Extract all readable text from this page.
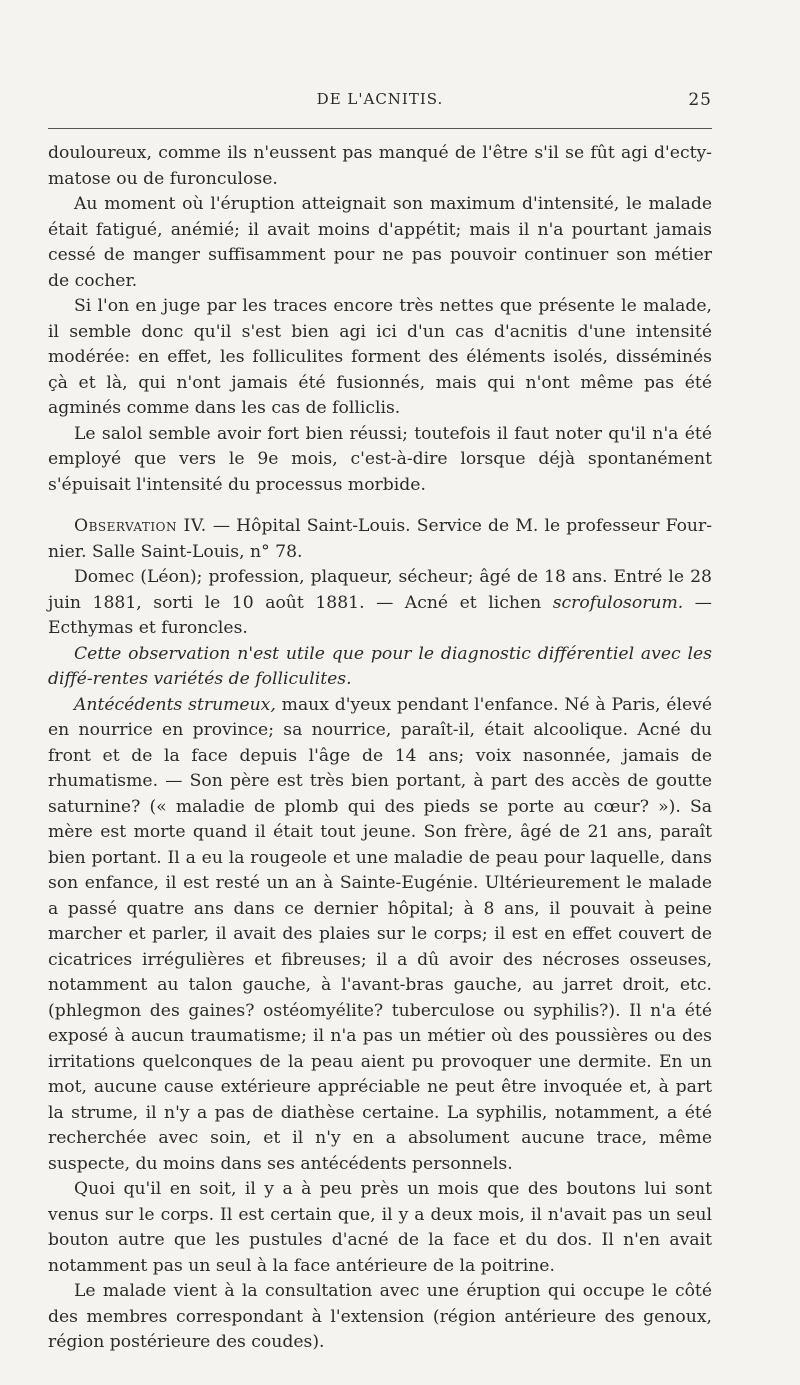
DE L'ACNITIS.	25

douloureux, comme ils n'eussent pas manqué de l'être s'il se fût agi d'ecty-matose ou de furonculose.

Au moment où l'éruption atteignait son maximum d'intensité, le malade était fatigué, anémié; il avait moins d'appétit; mais il n'a pourtant jamais cessé de manger suffisamment pour ne pas pouvoir continuer son métier de cocher.

Si l'on en juge par les traces encore très nettes que présente le malade, il semble donc qu'il s'est bien agi ici d'un cas d'acnitis d'une intensité modérée: en effet, les folliculites forment des éléments isolés, disséminés çà et là, qui n'ont jamais été fusionnés, mais qui n'ont même pas été agminés comme dans les cas de folliclis.

Le salol semble avoir fort bien réussi; toutefois il faut noter qu'il n'a été employé que vers le 9e mois, c'est-à-dire lorsque déjà spontanément s'épuisait l'intensité du processus morbide.

Observation IV. — Hôpital Saint-Louis. Service de M. le professeur Four-nier. Salle Saint-Louis, n° 78.

Domec (Léon); profession, plaqueur, sécheur; âgé de 18 ans. Entré le 28 juin 1881, sorti le 10 août 1881. — Acné et lichen scrofulosorum. — Ecthymas et furoncles.

Cette observation n'est utile que pour le diagnostic différentiel avec les diffé-rentes variétés de folliculites.

Antécédents strumeux, maux d'yeux pendant l'enfance. Né à Paris, élevé en nourrice en province; sa nourrice, paraît-il, était alcoolique. Acné du front et de la face depuis l'âge de 14 ans; voix nasonnée, jamais de rhumatisme. — Son père est très bien portant, à part des accès de goutte saturnine? (« maladie de plomb qui des pieds se porte au cœur? »). Sa mère est morte quand il était tout jeune. Son frère, âgé de 21 ans, paraît bien portant. Il a eu la rougeole et une maladie de peau pour laquelle, dans son enfance, il est resté un an à Sainte-Eugénie. Ultérieurement le malade a passé quatre ans dans ce dernier hôpital; à 8 ans, il pouvait à peine marcher et parler, il avait des plaies sur le corps; il est en effet couvert de cicatrices irrégulières et fibreuses; il a dû avoir des nécroses osseuses, notamment au talon gauche, à l'avant-bras gauche, au jarret droit, etc. (phlegmon des gaines? ostéomyélite? tuberculose ou syphilis?). Il n'a été exposé à aucun traumatisme; il n'a pas un métier où des poussières ou des irritations quelconques de la peau aient pu provoquer une dermite. En un mot, aucune cause extérieure appréciable ne peut être invoquée et, à part la strume, il n'y a pas de diathèse certaine. La syphilis, notamment, a été recherchée avec soin, et il n'y en a absolument aucune trace, même suspecte, du moins dans ses antécédents personnels.

Quoi qu'il en soit, il y a à peu près un mois que des boutons lui sont venus sur le corps. Il est certain que, il y a deux mois, il n'avait pas un seul bouton autre que les pustules d'acné de la face et du dos. Il n'en avait notamment pas un seul à la face antérieure de la poitrine.

Le malade vient à la consultation avec une éruption qui occupe le côté des membres correspondant à l'extension (région antérieure des genoux, région postérieure des coudes).
